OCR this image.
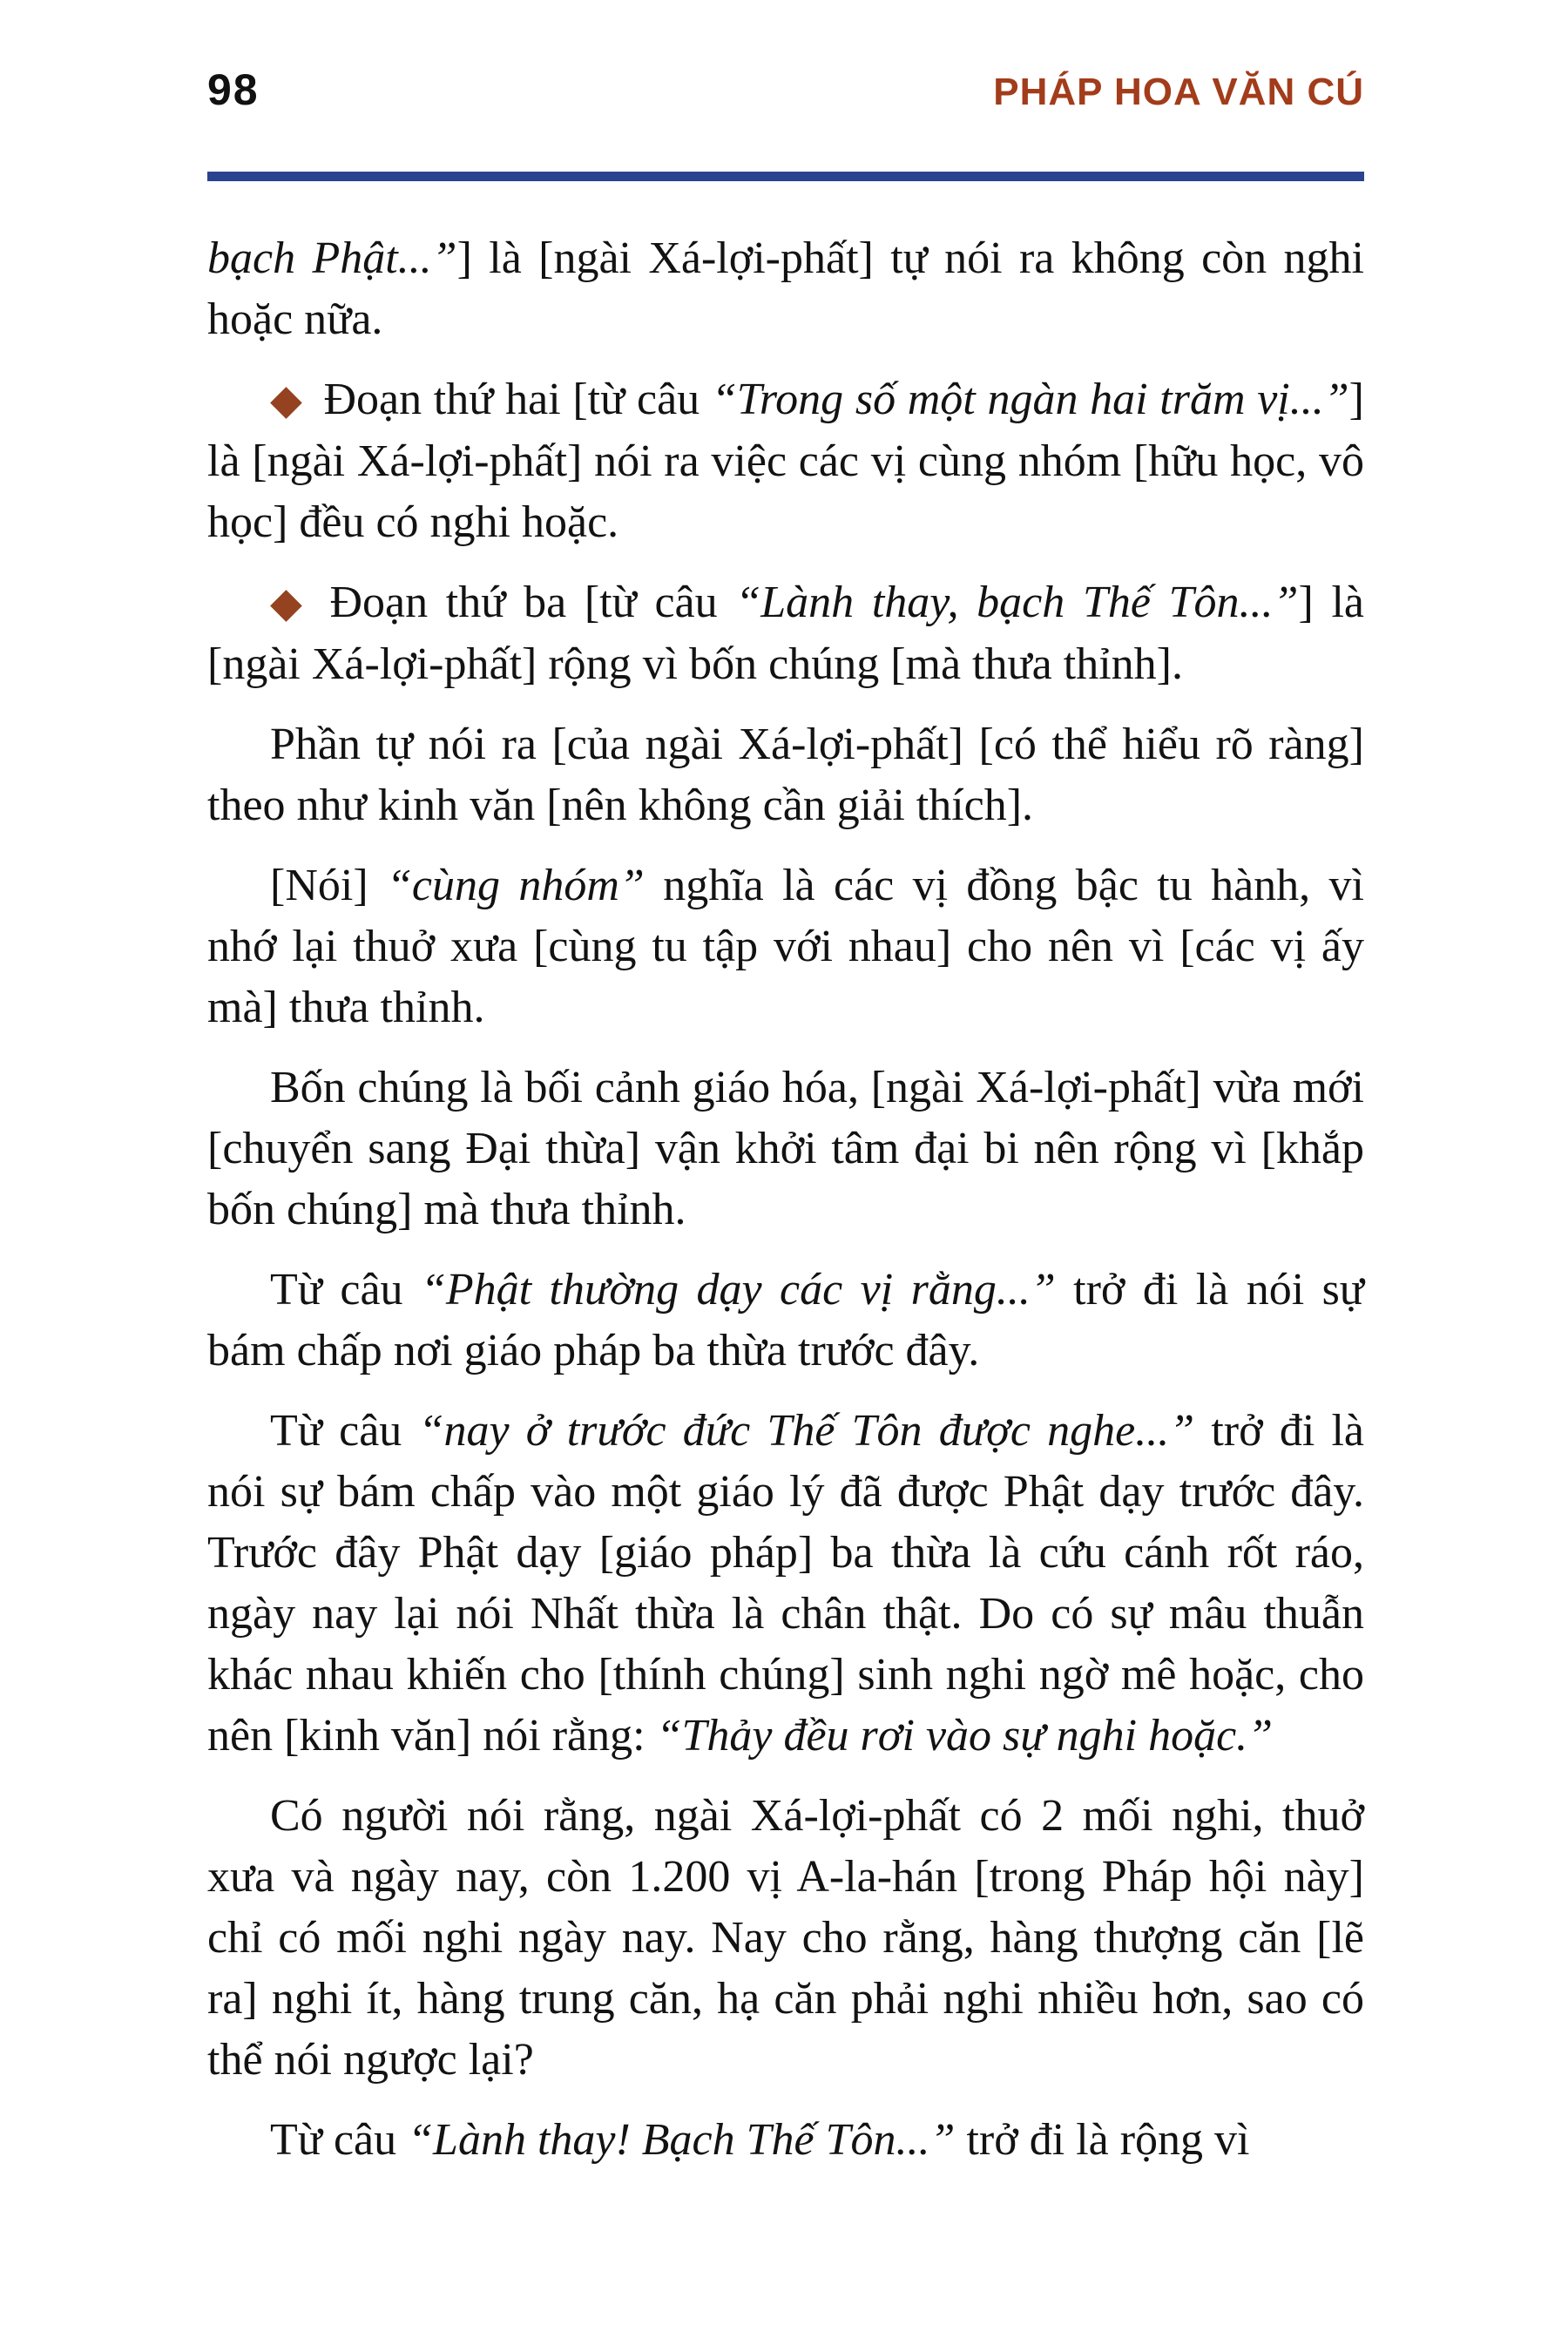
98	PHÁP HOA VĂN CÚ

bạch Phật...”] là [ngài Xá-lợi-phất] tự nói ra không còn nghi hoặc nữa.

◆ Đoạn thứ hai [từ câu “Trong số một ngàn hai trăm vị...”] là [ngài Xá-lợi-phất] nói ra việc các vị cùng nhóm [hữu học, vô học] đều có nghi hoặc.

◆ Đoạn thứ ba [từ câu “Lành thay, bạch Thế Tôn...”] là [ngài Xá-lợi-phất] rộng vì bốn chúng [mà thưa thỉnh].

Phần tự nói ra [của ngài Xá-lợi-phất] [có thể hiểu rõ ràng] theo như kinh văn [nên không cần giải thích].

[Nói] “cùng nhóm” nghĩa là các vị đồng bậc tu hành, vì nhớ lại thuở xưa [cùng tu tập với nhau] cho nên vì [các vị ấy mà] thưa thỉnh.

Bốn chúng là bối cảnh giáo hóa, [ngài Xá-lợi-phất] vừa mới [chuyển sang Đại thừa] vận khởi tâm đại bi nên rộng vì [khắp bốn chúng] mà thưa thỉnh.

Từ câu “Phật thường dạy các vị rằng...” trở đi là nói sự bám chấp nơi giáo pháp ba thừa trước đây.

Từ câu “nay ở trước đức Thế Tôn được nghe...” trở đi là nói sự bám chấp vào một giáo lý đã được Phật dạy trước đây. Trước đây Phật dạy [giáo pháp] ba thừa là cứu cánh rốt ráo, ngày nay lại nói Nhất thừa là chân thật. Do có sự mâu thuẫn khác nhau khiến cho [thính chúng] sinh nghi ngờ mê hoặc, cho nên [kinh văn] nói rằng: “Thảy đều rơi vào sự nghi hoặc.”

Có người nói rằng, ngài Xá-lợi-phất có 2 mối nghi, thuở xưa và ngày nay, còn 1.200 vị A-la-hán [trong Pháp hội này] chỉ có mối nghi ngày nay. Nay cho rằng, hàng thượng căn [lẽ ra] nghi ít, hàng trung căn, hạ căn phải nghi nhiều hơn, sao có thể nói ngược lại?

Từ câu “Lành thay! Bạch Thế Tôn...” trở đi là rộng vì
